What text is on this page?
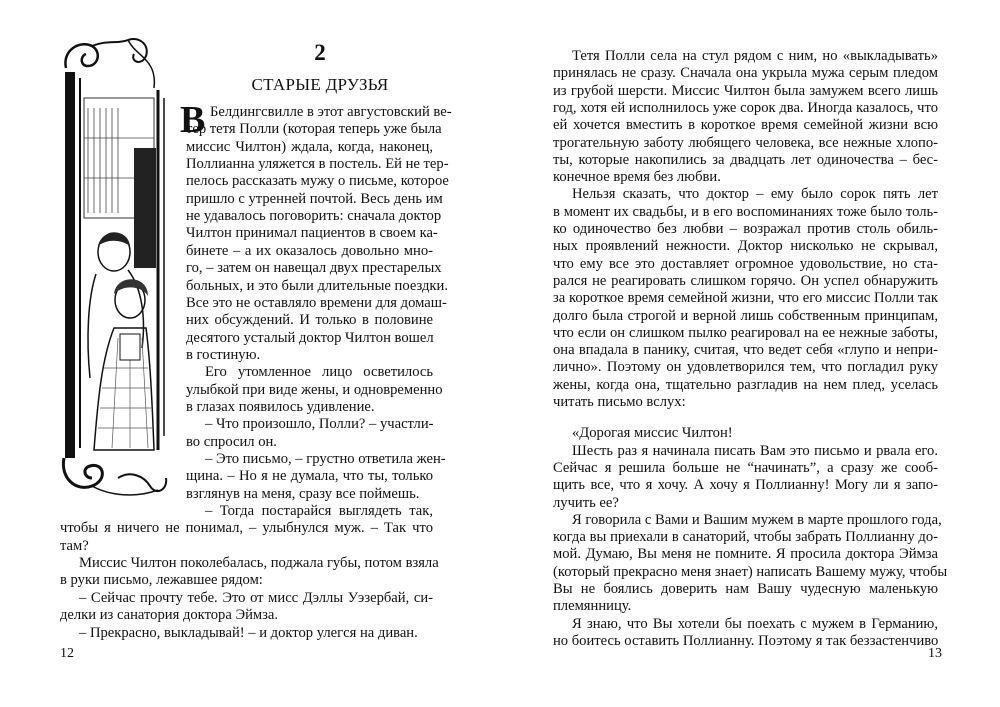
2
СТАРЫЕ ДРУЗЬЯ
В Белдингсвилле в этот августовский ве-
тер тетя Полли (которая теперь уже была
миссис Чилтон) ждала, когда, наконец,
Поллианна уляжется в постель. Ей не тер-
пелось рассказать мужу о письме, которое
пришло с утренней почтой. Весь день им
не удавалось поговорить: сначала доктор
Чилтон принимал пациентов в своем ка-
бинете – а их оказалось довольно мно-
го, – затем он навещал двух престарелых
больных, и это были длительные поездки.
Все это не оставляло времени для домаш-
них обсуждений. И только в половине
десятого усталый доктор Чилтон вошел
в гостиную.
Его утомленное лицо осветилось
улыбкой при виде жены, и одновременно
в глазах появилось удивление.
– Что произошло, Полли? – участли-
во спросил он.
– Это письмо, – грустно ответила жен-
щина. – Но я не думала, что ты, только
взглянув на меня, сразу все поймешь.
– Тогда постарайся выглядеть так,
чтобы я ничего не понимал, – улыбнулся муж. – Так что
там?
Миссис Чилтон поколебалась, поджала губы, потом взяла
в руки письмо, лежавшее рядом:
– Сейчас прочту тебе. Это от мисс Дэллы Уэзербай, си-
делки из санатория доктора Эймза.
– Прекрасно, выкладывай! – и доктор улегся на диван.
12
Тетя Полли села на стул рядом с ним, но «выкладывать»
принялась не сразу. Сначала она укрыла мужа серым пледом
из грубой шерсти. Миссис Чилтон была замужем всего лишь
год, хотя ей исполнилось уже сорок два. Иногда казалось, что
ей хочется вместить в короткое время семейной жизни всю
трогательную заботу любящего человека, все нежные хлопо-
ты, которые накопились за двадцать лет одиночества – бес-
конечное время без любви.
Нельзя сказать, что доктор – ему было сорок пять лет
в момент их свадьбы, и в его воспоминаниях тоже было толь-
ко одиночество без любви – возражал против столь обиль-
ных проявлений нежности. Доктор нисколько не скрывал,
что ему все это доставляет огромное удовольствие, но ста-
рался не реагировать слишком горячо. Он успел обнаружить
за короткое время семейной жизни, что его миссис Полли так
долго была строгой и верной лишь собственным принципам,
что если он слишком пылко реагировал на ее нежные заботы,
она впадала в панику, считая, что ведет себя «глупо и непри-
лично». Поэтому он удовлетворился тем, что погладил руку
жены, когда она, тщательно разгладив на нем плед, уселась
читать письмо вслух:
«Дорогая миссис Чилтон!
Шесть раз я начинала писать Вам это письмо и рвала его.
Сейчас я решила больше не “начинать”, а сразу же сооб-
щить все, что я хочу. А хочу я Поллианну! Могу ли я запо-
лучить ее?
Я говорила с Вами и Вашим мужем в марте прошлого года,
когда вы приехали в санаторий, чтобы забрать Поллианну до-
мой. Думаю, Вы меня не помните. Я просила доктора Эймза
(который прекрасно меня знает) написать Вашему мужу, чтобы
Вы не боялись доверить нам Вашу чудесную маленькую
племянницу.
Я знаю, что Вы хотели бы поехать с мужем в Германию,
но боитесь оставить Поллианну. Поэтому я так беззастенчиво
13
